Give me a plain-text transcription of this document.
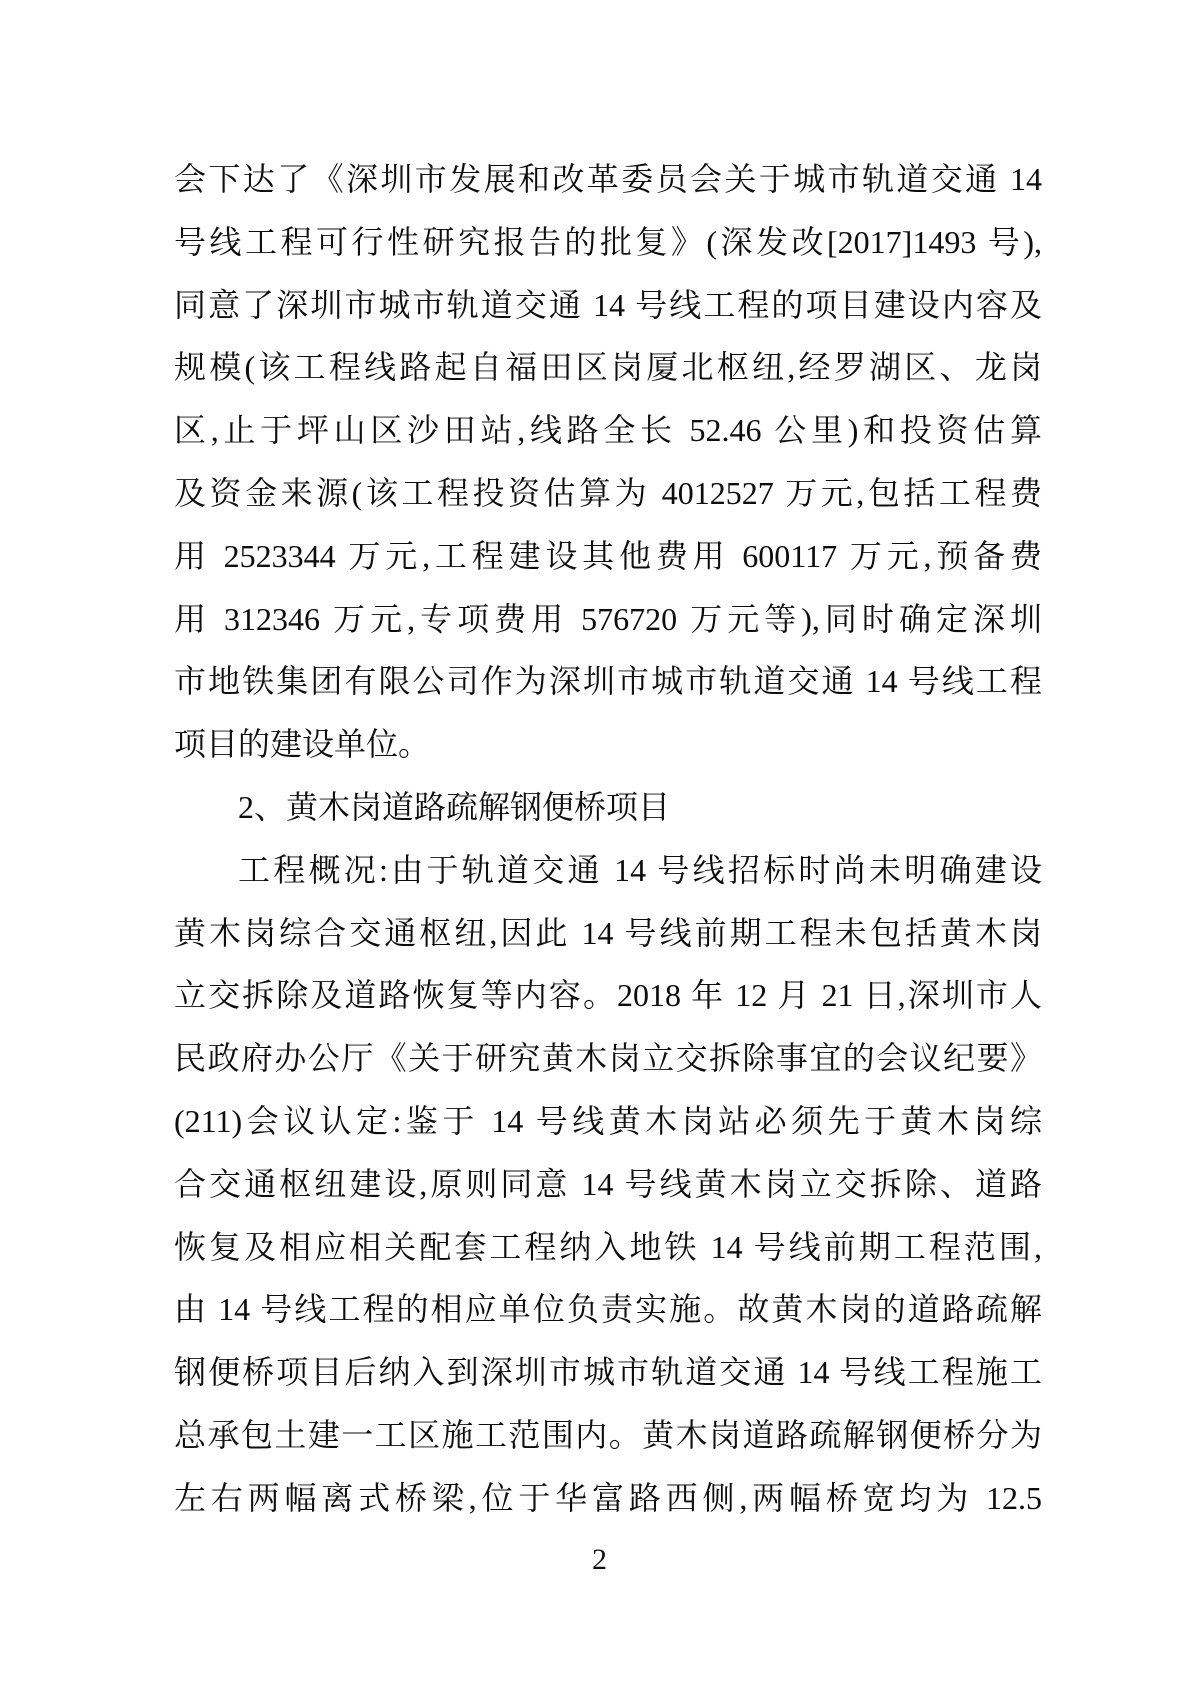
会下达了《深圳市发展和改革委员会关于城市轨道交通 14
号线工程可行性研究报告的批复》(深发改[2017]1493 号),
同意了深圳市城市轨道交通 14 号线工程的项目建设内容及
规模(该工程线路起自福田区岗厦北枢纽,经罗湖区、龙岗
区,止于坪山区沙田站,线路全长 52.46 公里)和投资估算
及资金来源(该工程投资估算为 4012527 万元,包括工程费
用 2523344 万元,工程建设其他费用 600117 万元,预备费
用 312346 万元,专项费用 576720 万元等),同时确定深圳
市地铁集团有限公司作为深圳市城市轨道交通 14 号线工程
项目的建设单位。
2、黄木岗道路疏解钢便桥项目
工程概况:由于轨道交通 14 号线招标时尚未明确建设
黄木岗综合交通枢纽,因此 14 号线前期工程未包括黄木岗
立交拆除及道路恢复等内容。2018 年 12 月 21 日,深圳市人
民政府办公厅《关于研究黄木岗立交拆除事宜的会议纪要》
(211)会议认定:鉴于 14 号线黄木岗站必须先于黄木岗综
合交通枢纽建设,原则同意 14 号线黄木岗立交拆除、道路
恢复及相应相关配套工程纳入地铁 14 号线前期工程范围,
由 14 号线工程的相应单位负责实施。故黄木岗的道路疏解
钢便桥项目后纳入到深圳市城市轨道交通 14 号线工程施工
总承包土建一工区施工范围内。黄木岗道路疏解钢便桥分为
左右两幅离式桥梁,位于华富路西侧,两幅桥宽均为 12.5
2
